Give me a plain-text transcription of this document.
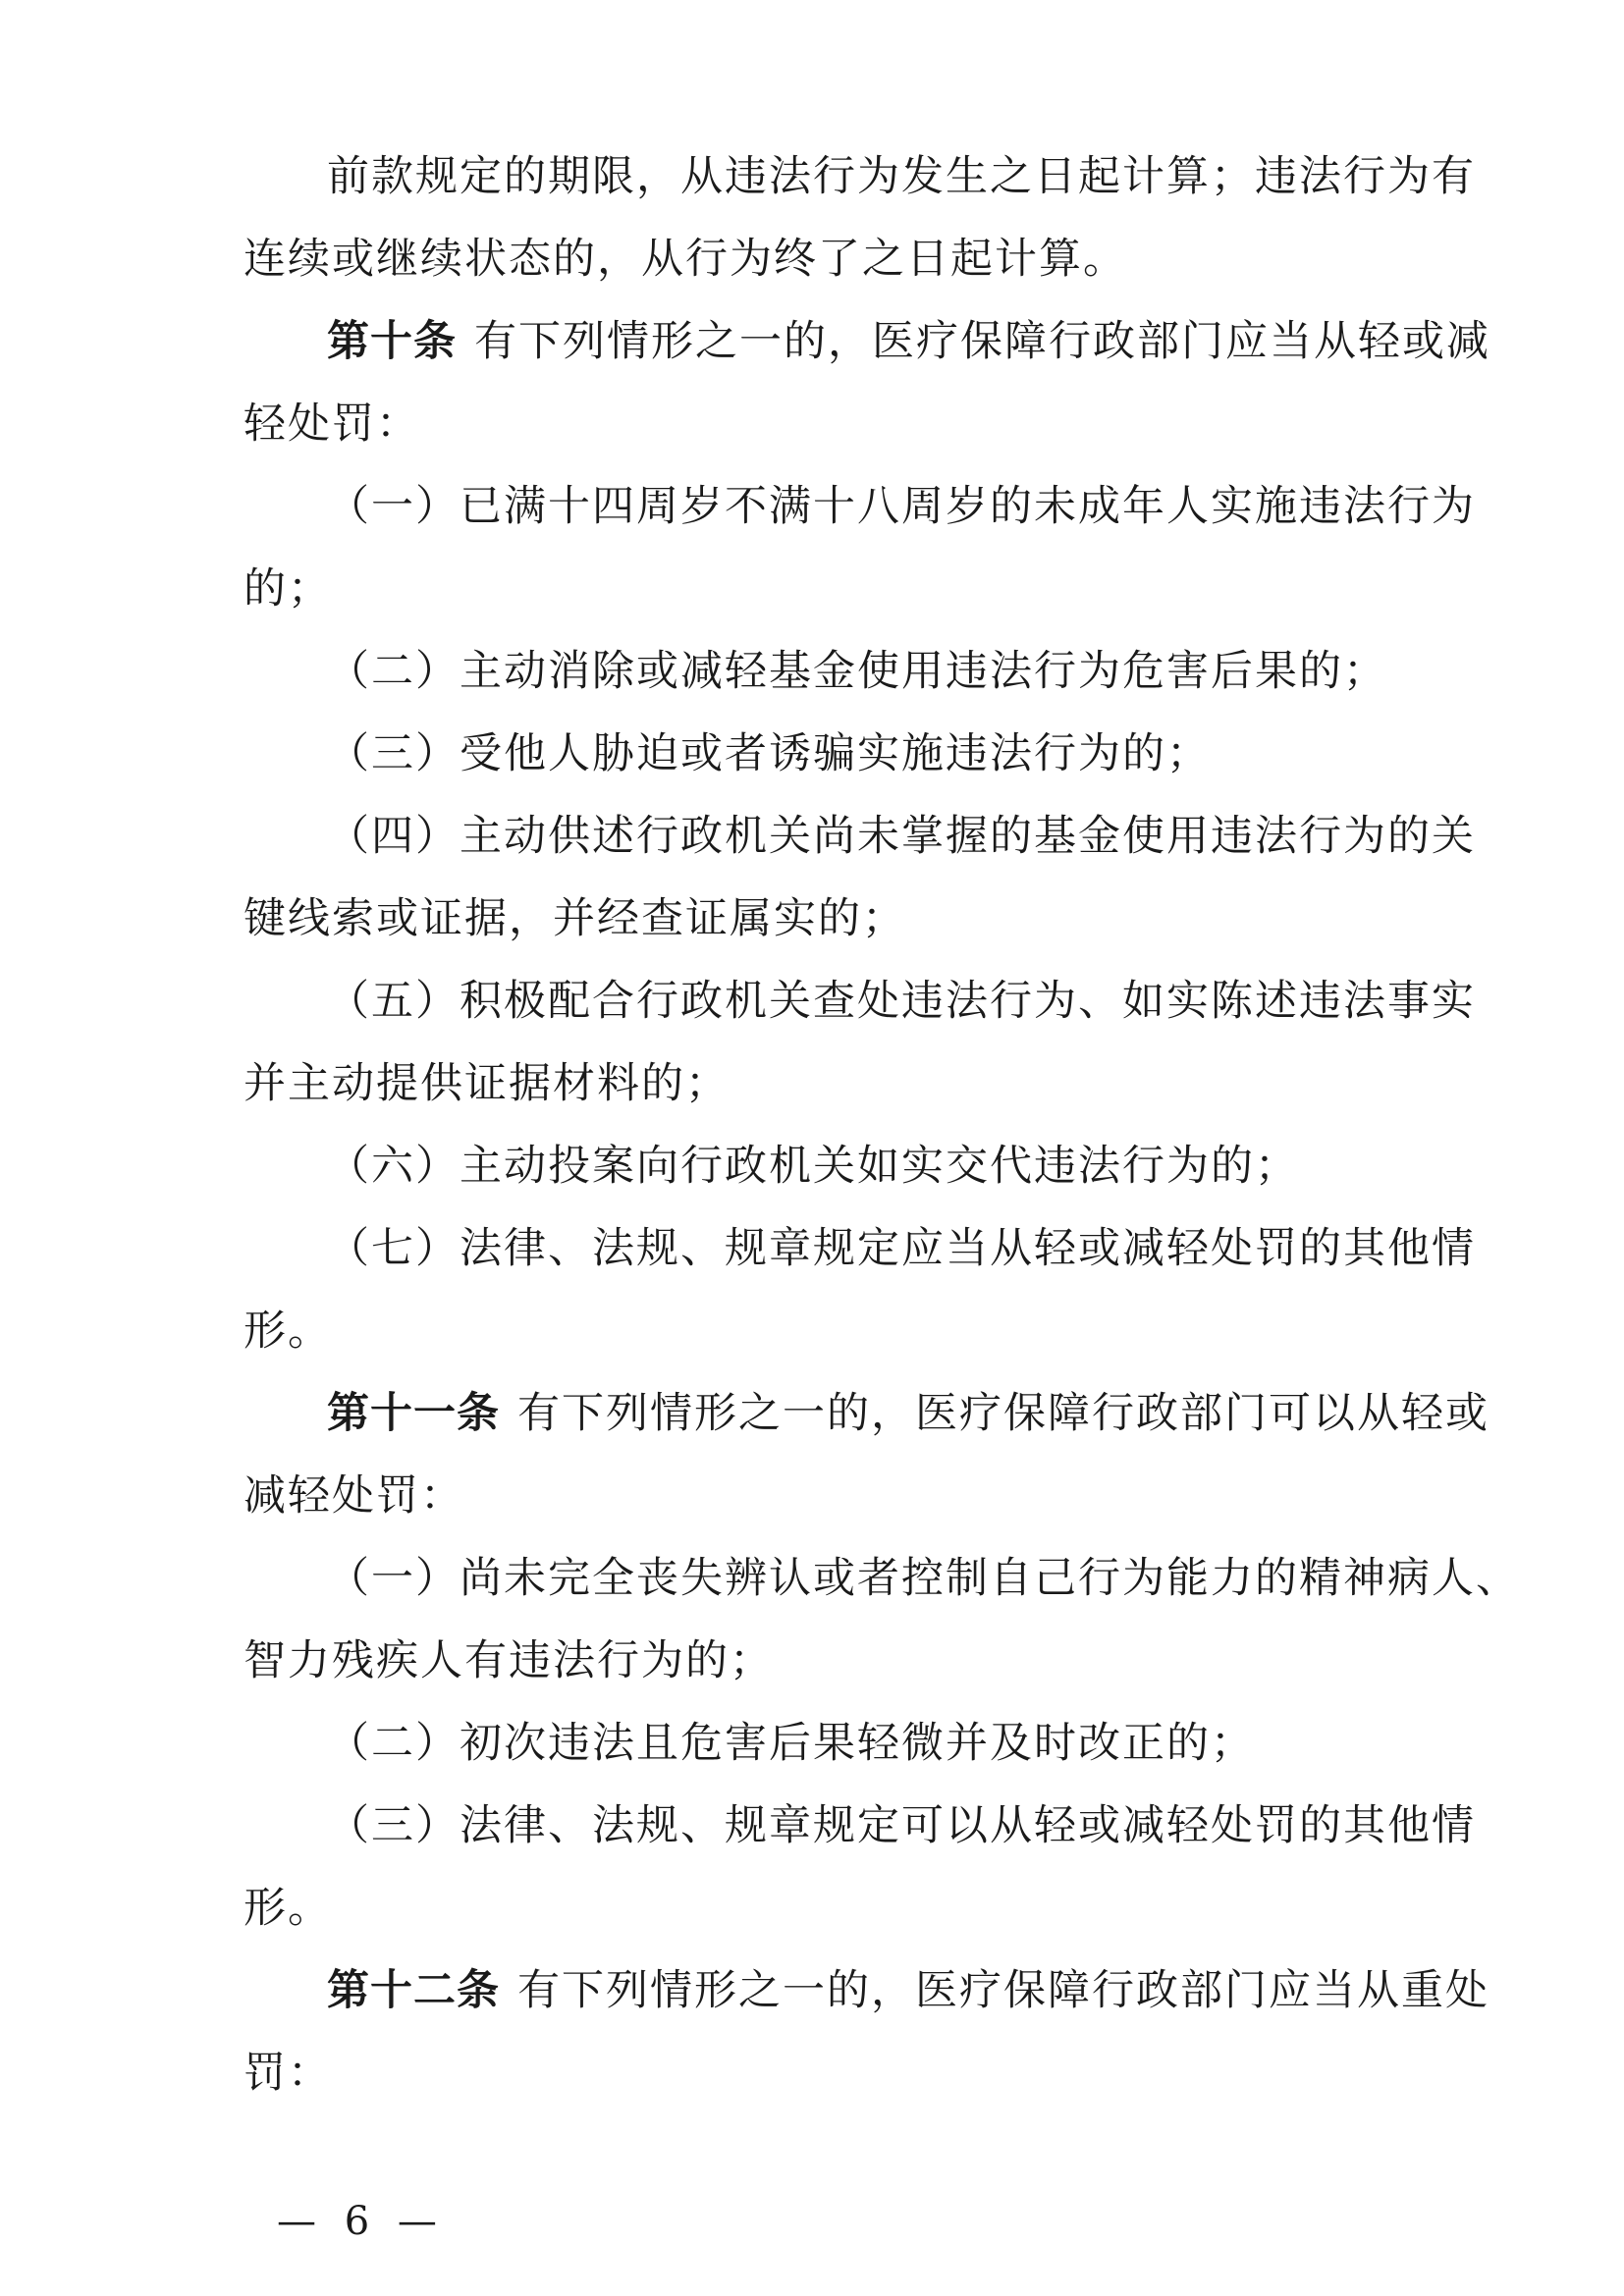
前款规定的期限，从违法行为发生之日起计算；违法行为有
连续或继续状态的，从行为终了之日起计算。
第十条 有下列情形之一的，医疗保障行政部门应当从轻或减
轻处罚：
（一）已满十四周岁不满十八周岁的未成年人实施违法行为
的；
（二）主动消除或减轻基金使用违法行为危害后果的；
（三）受他人胁迫或者诱骗实施违法行为的；
（四）主动供述行政机关尚未掌握的基金使用违法行为的关
键线索或证据，并经查证属实的；
（五）积极配合行政机关查处违法行为、如实陈述违法事实
并主动提供证据材料的；
（六）主动投案向行政机关如实交代违法行为的；
（七）法律、法规、规章规定应当从轻或减轻处罚的其他情
形。
第十一条 有下列情形之一的，医疗保障行政部门可以从轻或
减轻处罚：
（一）尚未完全丧失辨认或者控制自己行为能力的精神病人、
智力残疾人有违法行为的；
（二）初次违法且危害后果轻微并及时改正的；
（三）法律、法规、规章规定可以从轻或减轻处罚的其他情
形。
第十二条 有下列情形之一的，医疗保障行政部门应当从重处
罚：
— 6 —
